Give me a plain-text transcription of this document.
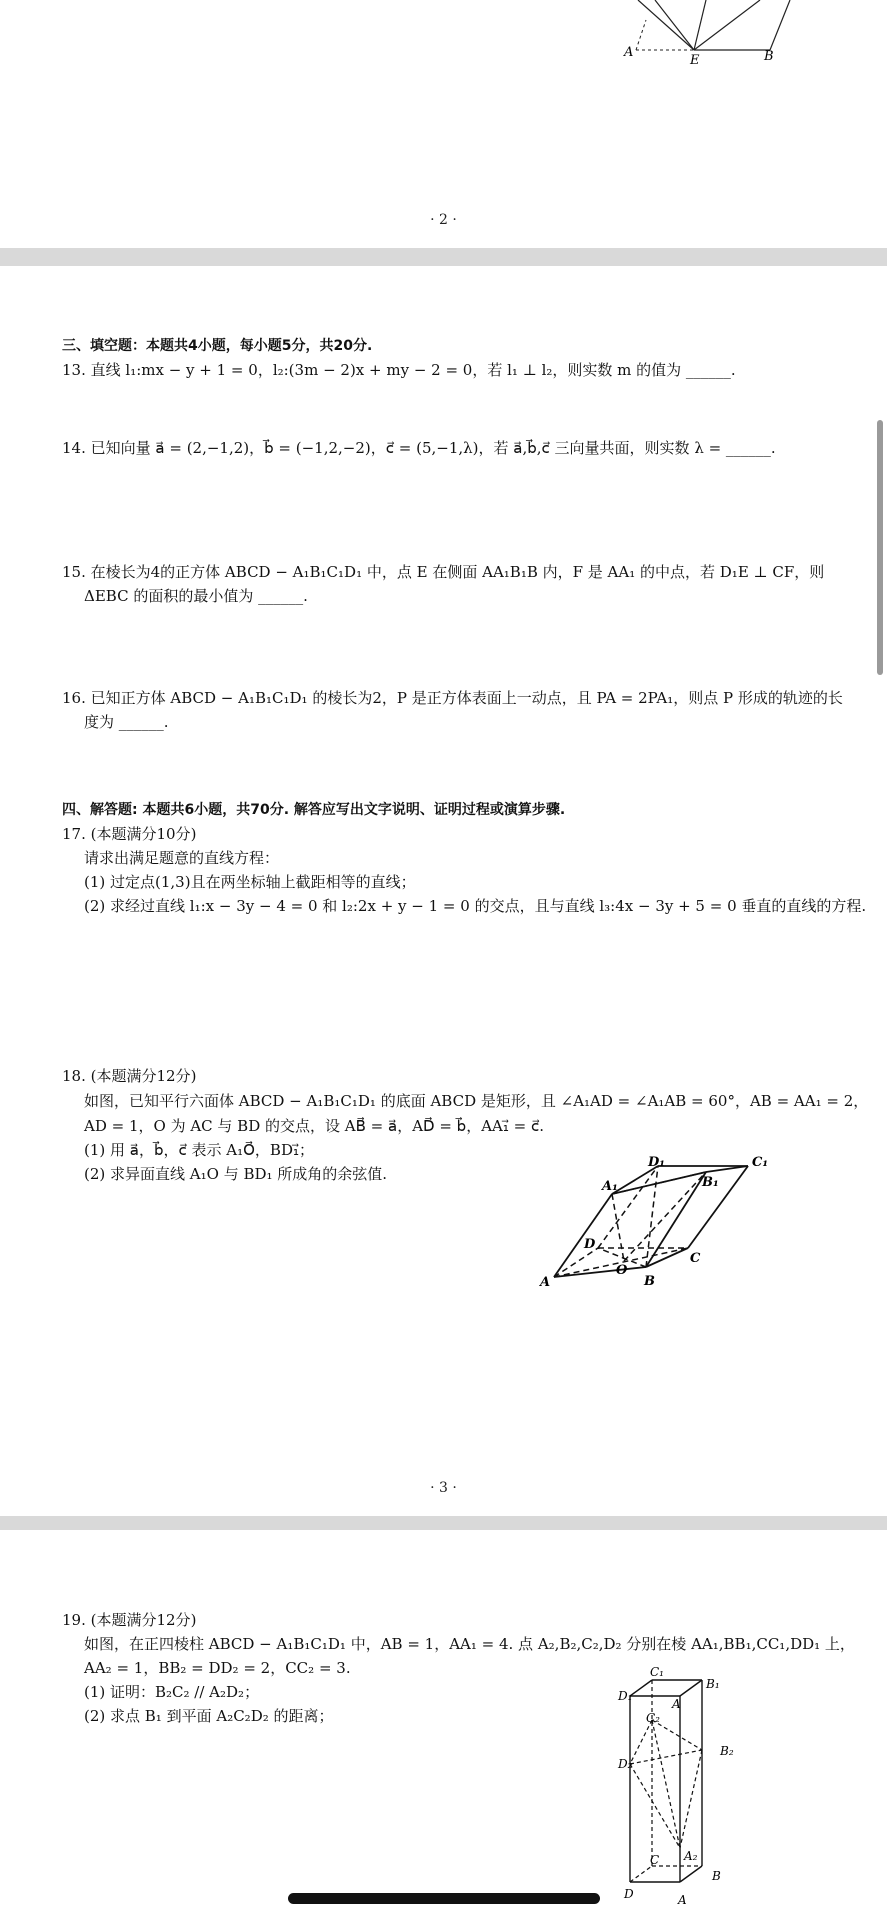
A
E	B
· 2 ·
三、填空题：本题共4小题，每小题5分，共20分.
13. 直线 l₁:mx − y + 1 = 0，l₂:(3m − 2)x + my − 2 = 0，若 l₁ ⊥ l₂，则实数 m 的值为 ______.
14. 已知向量 a⃗ = (2,−1,2)，b⃗ = (−1,2,−2)，c⃗ = (5,−1,λ)，若 a⃗,b⃗,c⃗ 三向量共面，则实数 λ = ______.
15. 在棱长为4的正方体 ABCD − A₁B₁C₁D₁ 中，点 E 在侧面 AA₁B₁B 内，F 是 AA₁ 的中点，若 D₁E ⊥ CF，则
ΔEBC 的面积的最小值为 ______.
16. 已知正方体 ABCD − A₁B₁C₁D₁ 的棱长为2，P 是正方体表面上一动点，且 PA = 2PA₁，则点 P 形成的轨迹的长
度为 ______.
四、解答题: 本题共6小题，共70分. 解答应写出文字说明、证明过程或演算步骤.
17. (本题满分10分)
请求出满足题意的直线方程：
(1) 过定点(1,3)且在两坐标轴上截距相等的直线；
(2) 求经过直线 l₁:x − 3y − 4 = 0 和 l₂:2x + y − 1 = 0 的交点，且与直线 l₃:4x − 3y + 5 = 0 垂直的直线的方程.
18. (本题满分12分)
如图，已知平行六面体 ABCD − A₁B₁C₁D₁ 的底面 ABCD 是矩形，且 ∠A₁AD = ∠A₁AB = 60°，AB = AA₁ = 2，
AD = 1，O 为 AC 与 BD 的交点，设 AB⃗ = a⃗，AD⃗ = b⃗，AA₁⃗ = c⃗.
(1) 用 a⃗，b⃗，c⃗ 表示 A₁O⃗，BD₁⃗；
(2) 求异面直线 A₁O 与 BD₁ 所成角的余弦值.
D₁	C₁
A₁	B₁
D
C
A
O
B
· 3 ·
19. (本题满分12分)
如图，在正四棱柱 ABCD − A₁B₁C₁D₁ 中，AB = 1，AA₁ = 4. 点 A₂,B₂,C₂,D₂ 分别在棱 AA₁,BB₁,CC₁,DD₁ 上，
AA₂ = 1，BB₂ = DD₂ = 2，CC₂ = 3.
(1) 证明：B₂C₂ // A₂D₂；
(2) 求点 B₁ 到平面 A₂C₂D₂ 的距离；
C₁
B₁
D₁
A
C₂
B₂
D₂
C A₂
B
D	A
